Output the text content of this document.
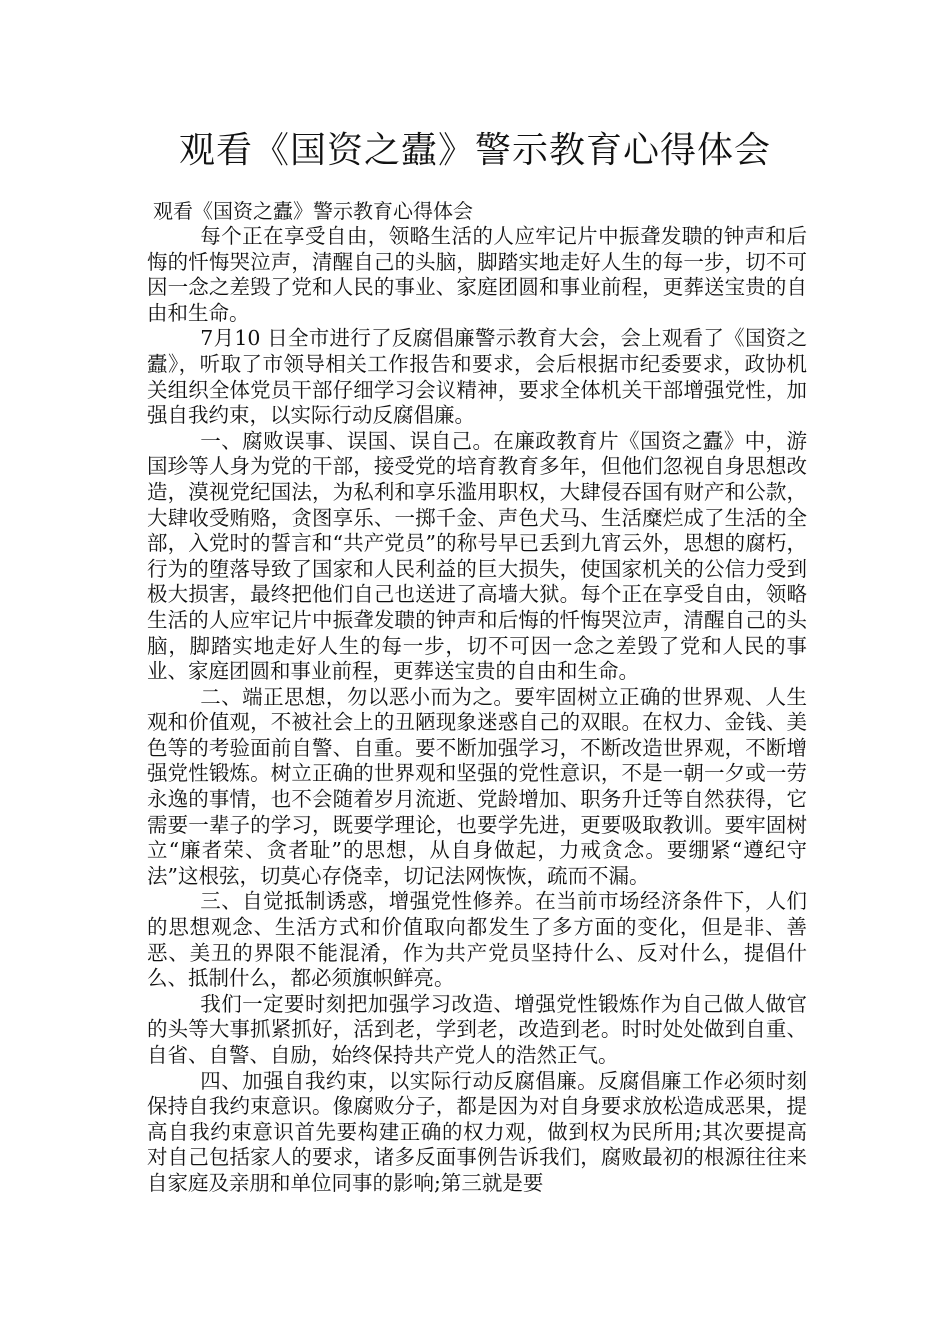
观看《国资之蠹》警示教育心得体会

观看《国资之蠹》警示教育心得体会

每个正在享受自由，领略生活的人应牢记片中振聋发聩的钟声和后悔的忏悔哭泣声，清醒自己的头脑，脚踏实地走好人生的每一步，切不可因一念之差毁了党和人民的事业、家庭团圆和事业前程，更葬送宝贵的自由和生命。

7月10 日全市进行了反腐倡廉警示教育大会，会上观看了《国资之蠹》，听取了市领导相关工作报告和要求，会后根据市纪委要求，政协机关组织全体党员干部仔细学习会议精神，要求全体机关干部增强党性，加强自我约束，以实际行动反腐倡廉。

一、腐败误事、误国、误自己。在廉政教育片《国资之蠹》中，游国珍等人身为党的干部，接受党的培育教育多年，但他们忽视自身思想改造，漠视党纪国法，为私利和享乐滥用职权，大肆侵吞国有财产和公款，大肆收受贿赂，贪图享乐、一掷千金、声色犬马、生活糜烂成了生活的全部，入党时的誓言和“共产党员”的称号早已丢到九宵云外，思想的腐朽，行为的堕落导致了国家和人民利益的巨大损失，使国家机关的公信力受到极大损害，最终把他们自己也送进了高墙大狱。每个正在享受自由，领略生活的人应牢记片中振聋发聩的钟声和后悔的忏悔哭泣声，清醒自己的头脑，脚踏实地走好人生的每一步，切不可因一念之差毁了党和人民的事业、家庭团圆和事业前程，更葬送宝贵的自由和生命。

二、端正思想，勿以恶小而为之。要牢固树立正确的世界观、人生观和价值观，不被社会上的丑陋现象迷惑自己的双眼。在权力、金钱、美色等的考验面前自警、自重。要不断加强学习，不断改造世界观，不断增强党性锻炼。树立正确的世界观和坚强的党性意识，不是一朝一夕或一劳永逸的事情，也不会随着岁月流逝、党龄增加、职务升迁等自然获得，它需要一辈子的学习，既要学理论，也要学先进，更要吸取教训。要牢固树立“廉者荣、贪者耻”的思想，从自身做起，力戒贪念。要绷紧“遵纪守法”这根弦，切莫心存侥幸，切记法网恢恢，疏而不漏。

三、自觉抵制诱惑，增强党性修养。在当前市场经济条件下，人们的思想观念、生活方式和价值取向都发生了多方面的变化，但是非、善恶、美丑的界限不能混淆，作为共产党员坚持什么、反对什么，提倡什么、抵制什么，都必须旗帜鲜亮。

我们一定要时刻把加强学习改造、增强党性锻炼作为自己做人做官的头等大事抓紧抓好，活到老，学到老，改造到老。时时处处做到自重、自省、自警、自励，始终保持共产党人的浩然正气。

四、加强自我约束，以实际行动反腐倡廉。反腐倡廉工作必须时刻保持自我约束意识。像腐败分子，都是因为对自身要求放松造成恶果，提高自我约束意识首先要构建正确的权力观，做到权为民所用;其次要提高对自己包括家人的要求，诸多反面事例告诉我们，腐败最初的根源往往来自家庭及亲朋和单位同事的影响;第三就是要
